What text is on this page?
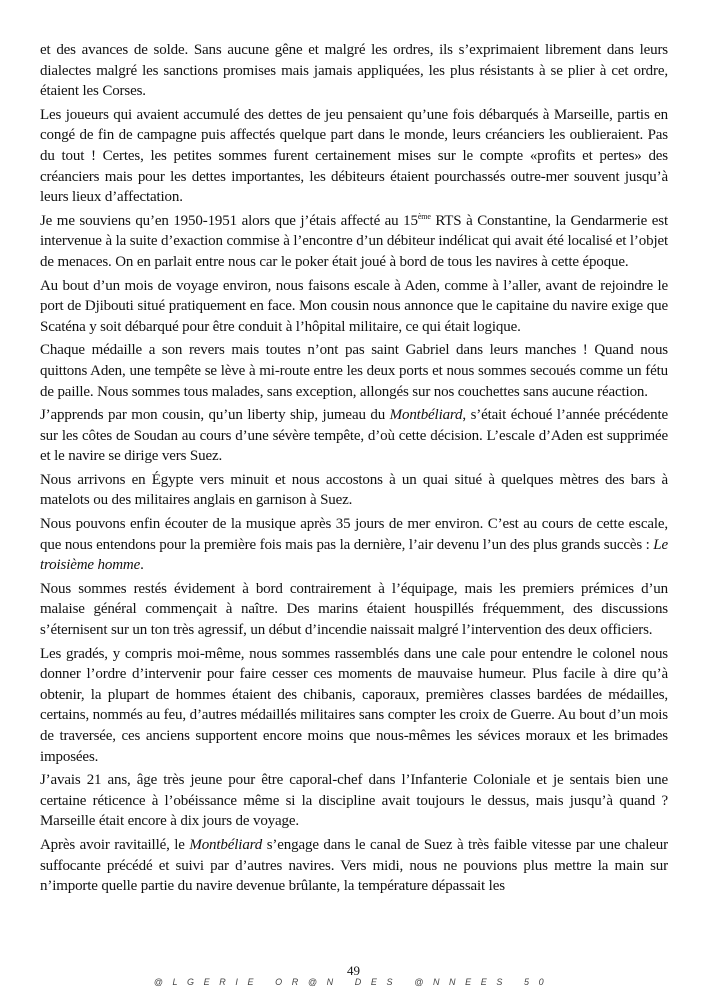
et des avances de solde. Sans aucune gêne et malgré les ordres, ils s’exprimaient librement dans leurs dialectes malgré les sanctions promises mais jamais appliquées, les plus résistants à se plier à cet ordre, étaient les Corses.

Les joueurs qui avaient accumulé des dettes de jeu pensaient qu’une fois débarqués à Marseille, partis en congé de fin de campagne puis affectés quelque part dans le monde, leurs créanciers les oublieraient. Pas du tout ! Certes, les petites sommes furent certainement mises sur le compte «profits et pertes» des créanciers mais pour les dettes importantes, les débiteurs étaient pourchassés outre-mer souvent jusqu’à leurs lieux d’affectation.

Je me souviens qu’en 1950-1951 alors que j’étais affecté au 15ème RTS à Constantine, la Gendarmerie est intervenue à la suite d’exaction commise à l’encontre d’un débiteur indélicat qui avait été localisé et l’objet de menaces. On en parlait entre nous car le poker était joué à bord de tous les navires à cette époque.

Au bout d’un mois de voyage environ, nous faisons escale à Aden, comme à l’aller, avant de rejoindre le port de Djibouti situé pratiquement en face. Mon cousin nous annonce que le capitaine du navire exige que Scaténa y soit débarqué pour être conduit à l’hôpital militaire, ce qui était logique.

Chaque médaille a son revers mais toutes n’ont pas saint Gabriel dans leurs manches ! Quand nous quittons Aden, une tempête se lève à mi-route entre les deux ports et nous sommes secoués comme un fétu de paille. Nous sommes tous malades, sans exception, allongés sur nos couchettes sans aucune réaction.

J’apprends par mon cousin, qu’un liberty ship, jumeau du Montbéliard, s’était échoué l’année précédente sur les côtes de Soudan au cours d’une sévère tempête, d’où cette décision. L’escale d’Aden est supprimée et le navire se dirige vers Suez.

Nous arrivons en Égypte vers minuit et nous accostons à un quai situé à quelques mètres des bars à matelots ou des militaires anglais en garnison à Suez.

Nous pouvons enfin écouter de la musique après 35 jours de mer environ. C’est au cours de cette escale, que nous entendons pour la première fois mais pas la dernière, l’air devenu l’un des plus grands succès : Le troisième homme.

Nous sommes restés évidement à bord contrairement à l’équipage, mais les premiers prémices d’un malaise général commençait à naître. Des marins étaient houspillés fréquemment, des discussions s’éternisent sur un ton très agressif, un début d’incendie naissait malgré l’intervention des deux officiers.

Les gradés, y compris moi-même, nous sommes rassemblés dans une cale pour entendre le colonel nous donner l’ordre d’intervenir pour faire cesser ces moments de mauvaise humeur. Plus facile à dire qu’à obtenir, la plupart de hommes étaient des chibanis, caporaux, premières classes bardées de médailles, certains, nommés au feu, d’autres médaillés militaires sans compter les croix de Guerre. Au bout d’un mois de traversée, ces anciens supportent encore moins que nous-mêmes les sévices moraux et les brimades imposées.

J’avais 21 ans, âge très jeune pour être caporal-chef dans l’Infanterie Coloniale et je sentais bien une certaine réticence à l’obéissance même si la discipline avait toujours le dessus, mais jusqu’à quand ? Marseille était encore à dix jours de voyage.

Après avoir ravitaillé, le Montbéliard s’engage dans le canal de Suez à très faible vitesse par une chaleur suffocante précédé et suivi par d’autres navires. Vers midi, nous ne pouvions plus mettre la main sur n’importe quelle partie du navire devenue brûlante, la température dépassait les

49
@LGERIE OR@N DES @NNEES 50
